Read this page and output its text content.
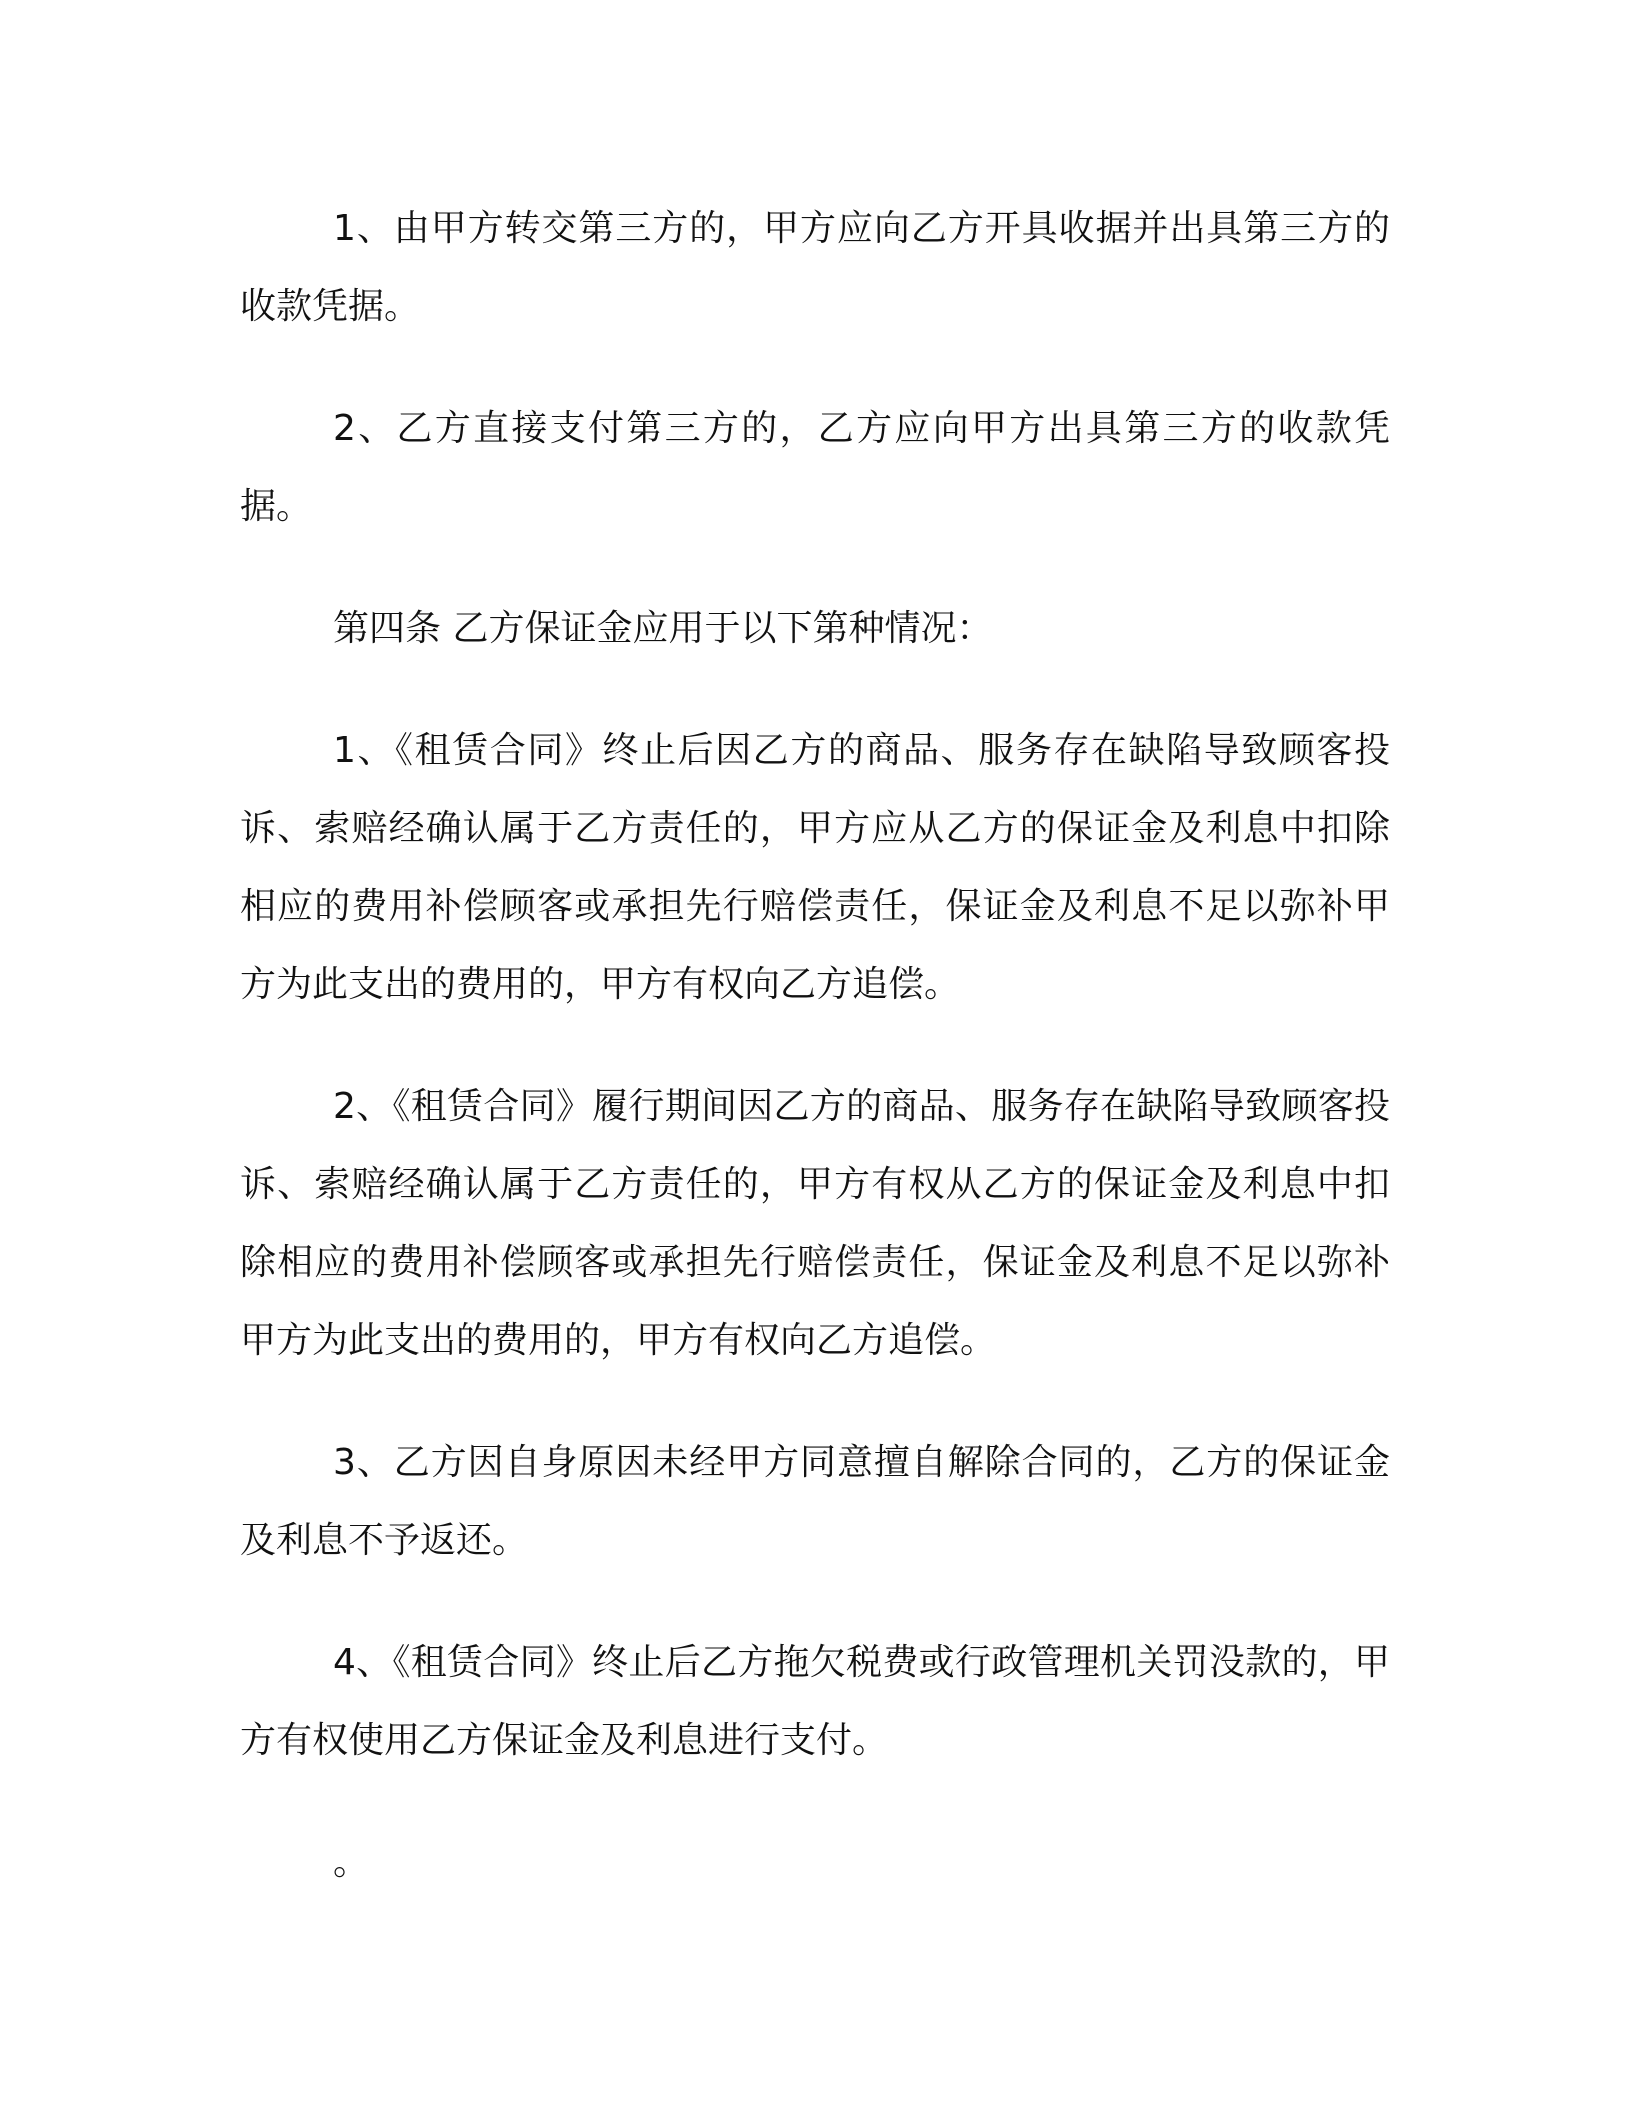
1、由甲方转交第三方的，甲方应向乙方开具收据并出具第三方的收款凭据。

2、乙方直接支付第三方的，乙方应向甲方出具第三方的收款凭据。

第四条 乙方保证金应用于以下第种情况：

1、《租赁合同》终止后因乙方的商品、服务存在缺陷导致顾客投诉、索赔经确认属于乙方责任的，甲方应从乙方的保证金及利息中扣除相应的费用补偿顾客或承担先行赔偿责任，保证金及利息不足以弥补甲方为此支出的费用的，甲方有权向乙方追偿。

2、《租赁合同》履行期间因乙方的商品、服务存在缺陷导致顾客投诉、索赔经确认属于乙方责任的，甲方有权从乙方的保证金及利息中扣除相应的费用补偿顾客或承担先行赔偿责任，保证金及利息不足以弥补甲方为此支出的费用的，甲方有权向乙方追偿。

3、乙方因自身原因未经甲方同意擅自解除合同的，乙方的保证金及利息不予返还。

4、《租赁合同》终止后乙方拖欠税费或行政管理机关罚没款的，甲方有权使用乙方保证金及利息进行支付。

。
